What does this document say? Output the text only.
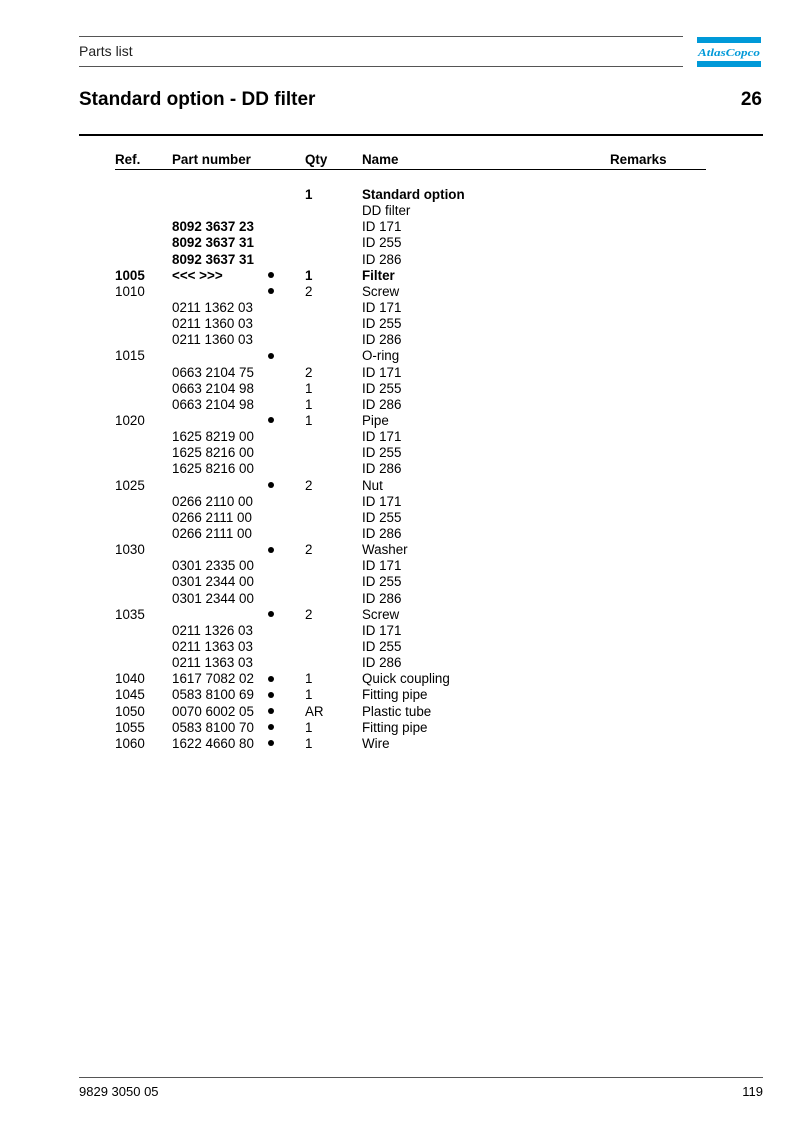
Parts list	AtlasCopco
Standard option - DD filter	26
Ref. Part number	Qty	Name	Remarks
1	Standard option
DD filter
8092 3637 23	ID 171
8092 3637 31	ID 255
8092 3637 31	ID 286
1005 <<< >>>	1	Filter
1010	2	Screw
0211 1362 03	ID 171
0211 1360 03	ID 255
0211 1360 03	ID 286
1015	O-ring
0663 2104 75	2	ID 171
0663 2104 98	1	ID 255
0663 2104 98	1	ID 286
1020	1	Pipe
1625 8219 00	ID 171
1625 8216 00	ID 255
1625 8216 00	ID 286
1025	2	Nut
0266 2110 00	ID 171
0266 2111 00	ID 255
0266 2111 00	ID 286
1030	2	Washer
0301 2335 00	ID 171
0301 2344 00	ID 255
0301 2344 00	ID 286
1035	2	Screw
0211 1326 03	ID 171
0211 1363 03	ID 255
0211 1363 03	ID 286
1040 1617 7082 02	1	Quick coupling
1045 0583 8100 69	1	Fitting pipe
1050 0070 6002 05	AR	Plastic tube
1055 0583 8100 70	1	Fitting pipe
1060 1622 4660 80	1	Wire
9829 3050 05	119
